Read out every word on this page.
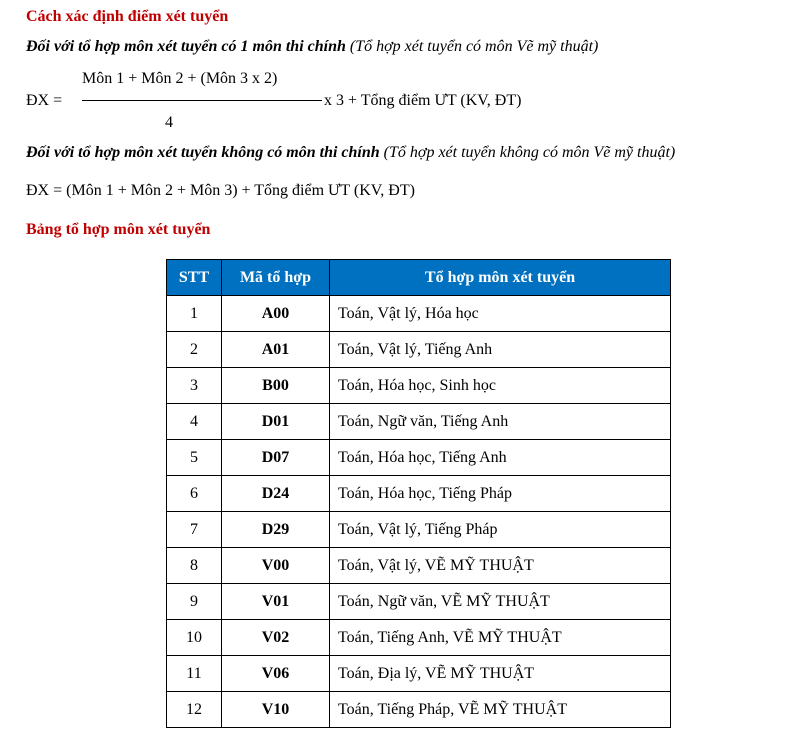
Cách xác định điểm xét tuyển
Đối với tổ hợp môn xét tuyển có 1 môn thi chính (Tổ hợp xét tuyển có môn Vẽ mỹ thuật)
ĐX =
Môn 1 + Môn 2 + (Môn 3 x 2)
4
x 3 + Tổng điểm ƯT (KV, ĐT)
Đối với tổ hợp môn xét tuyển không có môn thi chính (Tổ hợp xét tuyển không có môn Vẽ mỹ thuật)
ĐX = (Môn 1 + Môn 2 + Môn 3) + Tổng điểm ƯT (KV, ĐT)
Bảng tổ hợp môn xét tuyển
STT	Mã tổ hợp	Tổ hợp môn xét tuyển
1	A00	Toán, Vật lý, Hóa học
2	A01	Toán, Vật lý, Tiếng Anh
3	B00	Toán, Hóa học, Sinh học
4	D01	Toán, Ngữ văn, Tiếng Anh
5	D07	Toán, Hóa học, Tiếng Anh
6	D24	Toán, Hóa học, Tiếng Pháp
7	D29	Toán, Vật lý, Tiếng Pháp
8	V00	Toán, Vật lý, VẼ MỸ THUẬT
9	V01	Toán, Ngữ văn, VẼ MỸ THUẬT
10	V02	Toán, Tiếng Anh, VẼ MỸ THUẬT
11	V06	Toán, Địa lý, VẼ MỸ THUẬT
12	V10	Toán, Tiếng Pháp, VẼ MỸ THUẬT
